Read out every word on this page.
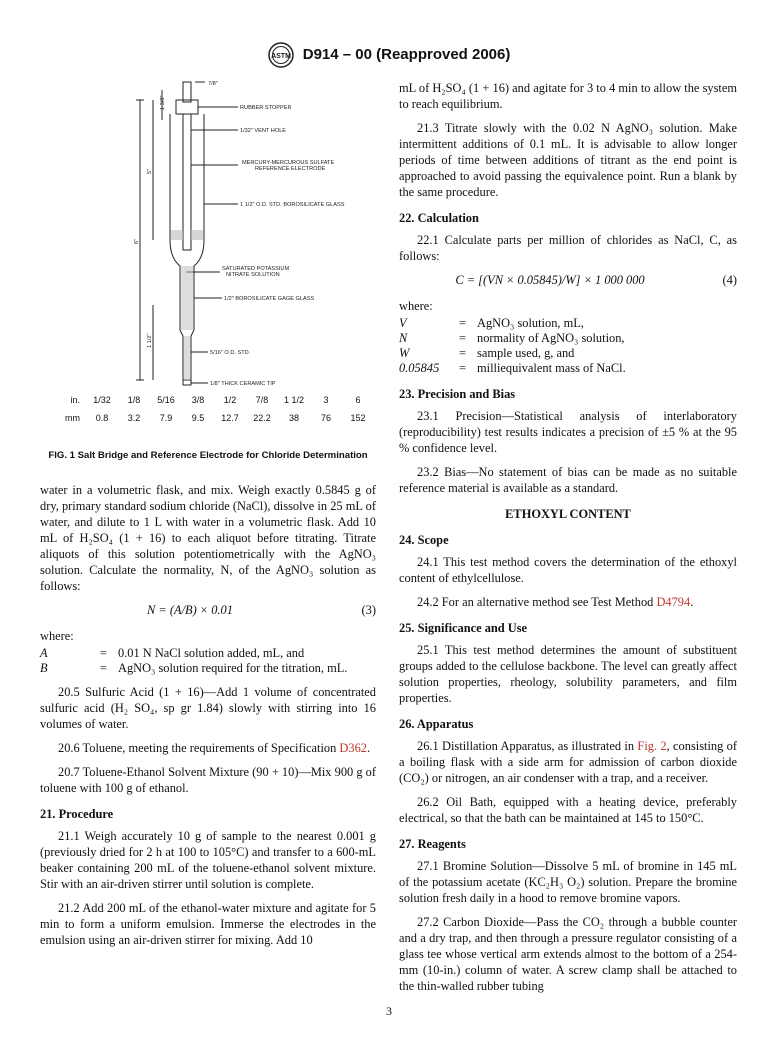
ASTM D914 – 00 (Reapproved 2006)
7/8"
RUBBER STOPPER
1/32" VENT HOLE
MERCURY-MERCUROUS SULFATE
REFERENCE ELECTRODE
1 1/2" O.D. STD. BOROSILICATE GLASS
SATURATED POTASSIUM
NITRATE SOLUTION
1/2" BOROSILICATE GAGE GLASS
5/16" O.D. STD.
1/8" THICK CERAMIC TIP
1 3/8"
5"
6"
1 1/2"
in.	1/32	1/8	5/16	3/8	1/2	7/8	1 1/2	3	6
mm	0.8	3.2	7.9	9.5	12.7	22.2	38	76	152
FIG. 1 Salt Bridge and Reference Electrode for Chloride Determination

water in a volumetric flask, and mix. Weigh exactly 0.5845 g of dry, primary standard sodium chloride (NaCl), dissolve in 25 mL of water, and dilute to 1 L with water in a volumetric flask. Add 10 mL of H₂SO₄ (1 + 16) to each aliquot before titrating. Titrate aliquots of this solution potentiometrically with the AgNO₃ solution. Calculate the normality, N, of the AgNO₃ solution as follows:

N = (A/B) × 0.01	(3)

where:

A	=	0.01 N NaCl solution added, mL, and
B	=	AgNO₃ solution required for the titration, mL.

20.5 Sulfuric Acid (1 + 16)—Add 1 volume of concentrated sulfuric acid (H₂ SO₄, sp gr 1.84) slowly with stirring into 16 volumes of water.

20.6 Toluene, meeting the requirements of Specification D362.

20.7 Toluene-Ethanol Solvent Mixture (90 + 10)—Mix 900 g of toluene with 100 g of ethanol.

21. Procedure

21.1 Weigh accurately 10 g of sample to the nearest 0.001 g (previously dried for 2 h at 100 to 105°C) and transfer to a 600-mL beaker containing 200 mL of the toluene-ethanol solvent mixture. Stir with an air-driven stirrer until solution is complete.

21.2 Add 200 mL of the ethanol-water mixture and agitate for 5 min to form a uniform emulsion. Immerse the electrodes in the emulsion using an air-driven stirrer for mixing. Add 10

mL of H₂SO₄ (1 + 16) and agitate for 3 to 4 min to allow the system to reach equilibrium.

21.3 Titrate slowly with the 0.02 N AgNO₃ solution. Make intermittent additions of 0.1 mL. It is advisable to allow longer periods of time between additions of titrant as the end point is approached to avoid passing the equivalence point. Run a blank by the same procedure.

22. Calculation

22.1 Calculate parts per million of chlorides as NaCl, C, as follows:

C = [(VN × 0.05845)/W] × 1 000 000	(4)

where:

V	=	AgNO₃ solution, mL,
N	=	normality of AgNO₃ solution,
W	=	sample used, g, and
0.05845	=	milliequivalent mass of NaCl.
23. Precision and Bias

23.1 Precision—Statistical analysis of interlaboratory (reproducibility) test results indicates a precision of ±5 % at the 95 % confidence level.

23.2 Bias—No statement of bias can be made as no suitable reference material is available as a standard.

ETHOXYL CONTENT
24. Scope

24.1 This test method covers the determination of the ethoxyl content of ethylcellulose.

24.2 For an alternative method see Test Method D4794.

25. Significance and Use

25.1 This test method determines the amount of substituent groups added to the cellulose backbone. The level can greatly affect solution properties, rheology, solubility parameters, and film properties.

26. Apparatus

26.1 Distillation Apparatus, as illustrated in Fig. 2, consisting of a boiling flask with a side arm for admission of carbon dioxide (CO₂) or nitrogen, an air condenser with a trap, and a receiver.

26.2 Oil Bath, equipped with a heating device, preferably electrical, so that the bath can be maintained at 145 to 150°C.

27. Reagents

27.1 Bromine Solution—Dissolve 5 mL of bromine in 145 mL of the potassium acetate (KC₂H₃ O₂) solution. Prepare the bromine solution fresh daily in a hood to remove bromine vapors.

27.2 Carbon Dioxide—Pass the CO₂ through a bubble counter and a dry trap, and then through a pressure regulator consisting of a glass tee whose vertical arm extends almost to the bottom of a 254-mm (10-in.) column of water. A screw clamp shall be attached to the thin-walled rubber tubing

3
